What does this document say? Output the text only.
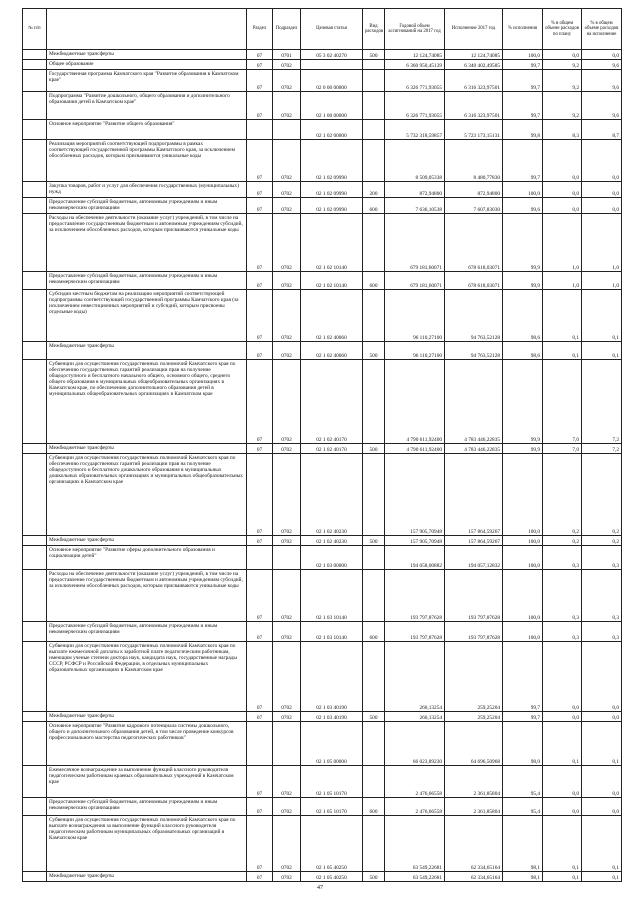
№ п/п		Раздел	Подраздел	Целевая статья	Вид расходов	Годовой объем ассигнований на 2017 год	Исполнение 2017 год	% исполнения	% в общем объеме расходов по плану	% в общем объеме расходов на исполнение
	Межбюджетные трансферты	07	0701	05 3 02 40270	500	12 124,74085	12 124,74085	100,0	0,0	0,0
	Общее образование	07	0702			6 360 950,45139	6 340 402,49585	99,7	9,2	9,6
	Государственная программа Камчатского края "Развитие образования в Камчатском крае"	07	0702	02 0 00 00000		6 326 771,93055	6 316 323,97501	99,7	9,2	9,6
	Подпрограмма "Развитие дошкольного, общего образования и дополнительного образования детей в Камчатском крае"	07	0702	02 1 00 00000		6 326 771,93055	6 316 323,97501	99,7	9,2	9,6
	Основное мероприятие "Развитие общего образования"			02 1 02 00000		5 732 318,59857	5 723 173,15131	99,8	8,3	8,7
	Реализация мероприятий соответствующей подпрограммы в рамках соответствующей государственной программы Камчатского края, за исключением обособленных расходов, которым присваиваются уникальные коды	07	0702	02 1 02 09990		8 509,05338	8 480,77830	99,7	0,0	0,0
	Закупка товаров, работ и услуг для обеспечения государственных (муниципальных) нужд	07	0702	02 1 02 09990	200	872,94800	872,94800	100,0	0,0	0,0
	Предоставление субсидий бюджетным, автономным учреждениям и иным некоммерческим организациям	07	0702	02 1 02 09990	600	7 636,10538	7 607,83030	99,6	0,0	0,0
	Расходы на обеспечение деятельности (оказание услуг) учреждений, в том числе на предоставление государственным бюджетным и автономным учреждениям субсидий, за исключением обособленных расходов, которым присваиваются уникальные коды	07	0702	02 1 02 10140		679 181,60071	678 618,03071	99,9	1,0	1,0
	Предоставление субсидий бюджетным, автономным учреждениям и иным некоммерческим организациям	07	0702	02 1 02 10140	600	679 181,60071	678 618,03071	99,9	1,0	1,0
	Субсидии местным бюджетам на реализацию мероприятий соответствующей подпрограммы соответствующей государственной программы Камчатского края (за исключением инвестиционных мероприятий и субсидий, которым присвоены отдельные коды)	07	0702	02 1 02 40060		96 110,27100	94 763,52128	98,6	0,1	0,1
	Межбюджетные трансферты	07	0702	02 1 02 40060	500	96 110,27100	94 763,52128	98,6	0,1	0,1
	Субвенции для осуществления государственных полномочий Камчатского края по обеспечению государственных гарантий реализации прав на получение общедоступного и бесплатного начального общего, основного общего, среднего общего образования в муниципальных общеобразовательных организациях в Камчатском крае, по обеспечению дополнительного образования детей в муниципальных общеобразовательных организациях в Камчатском крае	07	0702	02 1 02 40170		4 790 611,92400	4 783 446,22835	99,9	7,0	7,2
	Межбюджетные трансферты	07	0702	02 1 02 40170	500	4 790 611,92400	4 783 446,22835	99,9	7,0	7,2
	Субвенции для осуществления государственных полномочий Камчатского края по обеспечению государственных гарантий реализации прав на получение общедоступного и бесплатного дошкольного образования в муниципальных дошкольных образовательных организациях и муниципальных общеобразовательных организациях в Камчатском крае	07	0702	02 1 02 40230		157 905,70948	157 864,59267	100,0	0,2	0,2
	Межбюджетные трансферты	07	0702	02 1 02 40230	500	157 905,70948	157 864,59267	100,0	0,2	0,2
	Основное мероприятие "Развитие сферы дополнительного образования и социализации детей"			02 1 03 00000		194 058,00882	194 057,12832	100,0	0,3	0,3
	Расходы на обеспечение деятельности (оказание услуг) учреждений, в том числе на предоставление государственным бюджетным и автономным учреждениям субсидий, за исключением обособленных расходов, которым присваиваются уникальные коды	07	0702	02 1 03 10140		193 797,87628	193 797,87628	100,0	0,3	0,3
	Предоставление субсидий бюджетным, автономным учреждениям и иным некоммерческим организациям	07	0702	02 1 03 10140	600	193 797,87628	193 797,87628	100,0	0,3	0,3
	Субвенции для осуществления государственных полномочий Камчатского края по выплате ежемесячной доплаты к заработной плате педагогическим работникам, имеющим ученые степени доктора наук, кандидата наук, государственные награды СССР, РСФСР и Российской Федерации, в отдельных муниципальных образовательных организациях в Камчатском крае	07	0702	02 1 03 40190		260,13254	259,25204	99,7	0,0	0,0
	Межбюджетные трансферты	07	0702	02 1 03 40190	500	260,13254	259,25204	99,7	0,0	0,0
	Основное мероприятие "Развитие кадрового потенциала системы дошкольного, общего и дополнительного образования детей, в том числе проведение конкурсов профессионального мастерства педагогических работников"			02 1 05 00000		66 023,89230	64 696,50968	98,0	0,1	0,1
	Ежемесячное вознаграждение за выполнение функций классного руководителя педагогическим работникам краевых образовательных учреждений в Камчатском крае	07	0702	02 1 05 10170		2 476,66558	2 361,85804	95,4	0,0	0,0
	Предоставление субсидий бюджетным, автономным учреждениям и иным некоммерческим организациям	07	0702	02 1 05 10170	600	2 476,66558	2 361,85804	95,4	0,0	0,0
	Субвенции для осуществления государственных полномочий Камчатского края по выплате вознаграждения за выполнение функций классного руководителя педагогическим работникам муниципальных образовательных организаций в Камчатском крае	07	0702	02 1 05 40250		63 549,22681	62 334,65164	98,1	0,1	0,1
	Межбюджетные трансферты	07	0702	02 1 05 40250	500	63 549,22681	62 334,65164	98,1	0,1	0,1
47
